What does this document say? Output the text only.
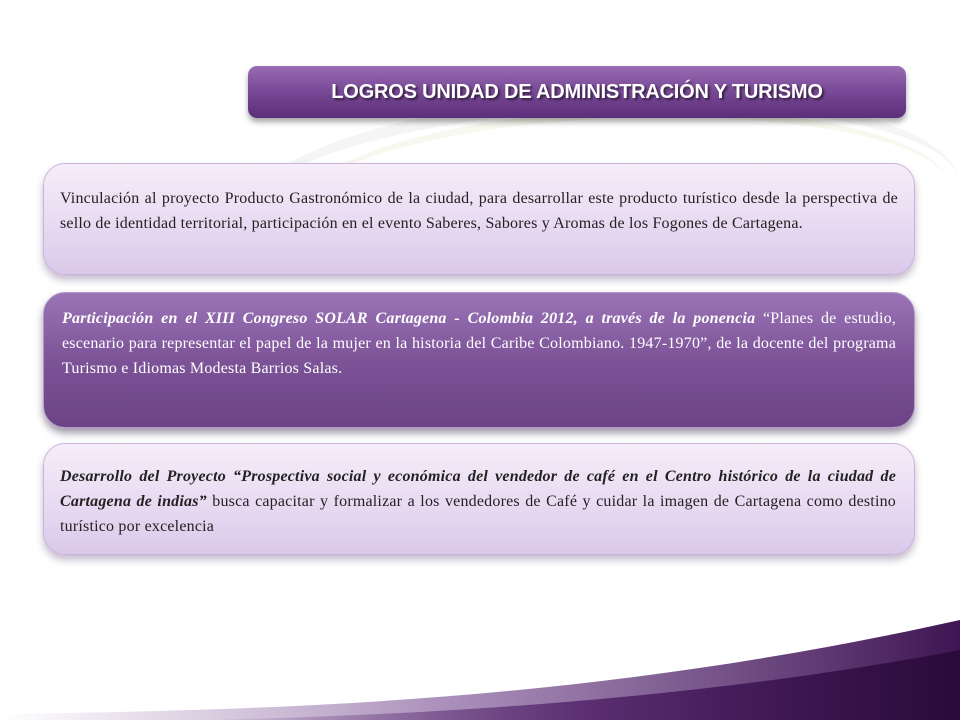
LOGROS UNIDAD DE ADMINISTRACIÓN Y TURISMO
Vinculación al proyecto Producto Gastronómico de la ciudad, para desarrollar este producto turístico desde la perspectiva de sello de identidad territorial, participación en el evento Saberes, Sabores y Aromas de los Fogones de Cartagena.
Participación en el XIII Congreso SOLAR Cartagena - Colombia 2012, a través de la ponencia “Planes de estudio, escenario para representar el papel de la mujer en la historia del Caribe Colombiano. 1947-1970”, de la docente del programa Turismo e Idiomas Modesta Barrios Salas.
Desarrollo del Proyecto “Prospectiva social y económica del vendedor de café en el Centro histórico de la ciudad de Cartagena de indias” busca capacitar y formalizar a los vendedores de Café y cuidar la imagen de Cartagena como destino turístico por excelencia
